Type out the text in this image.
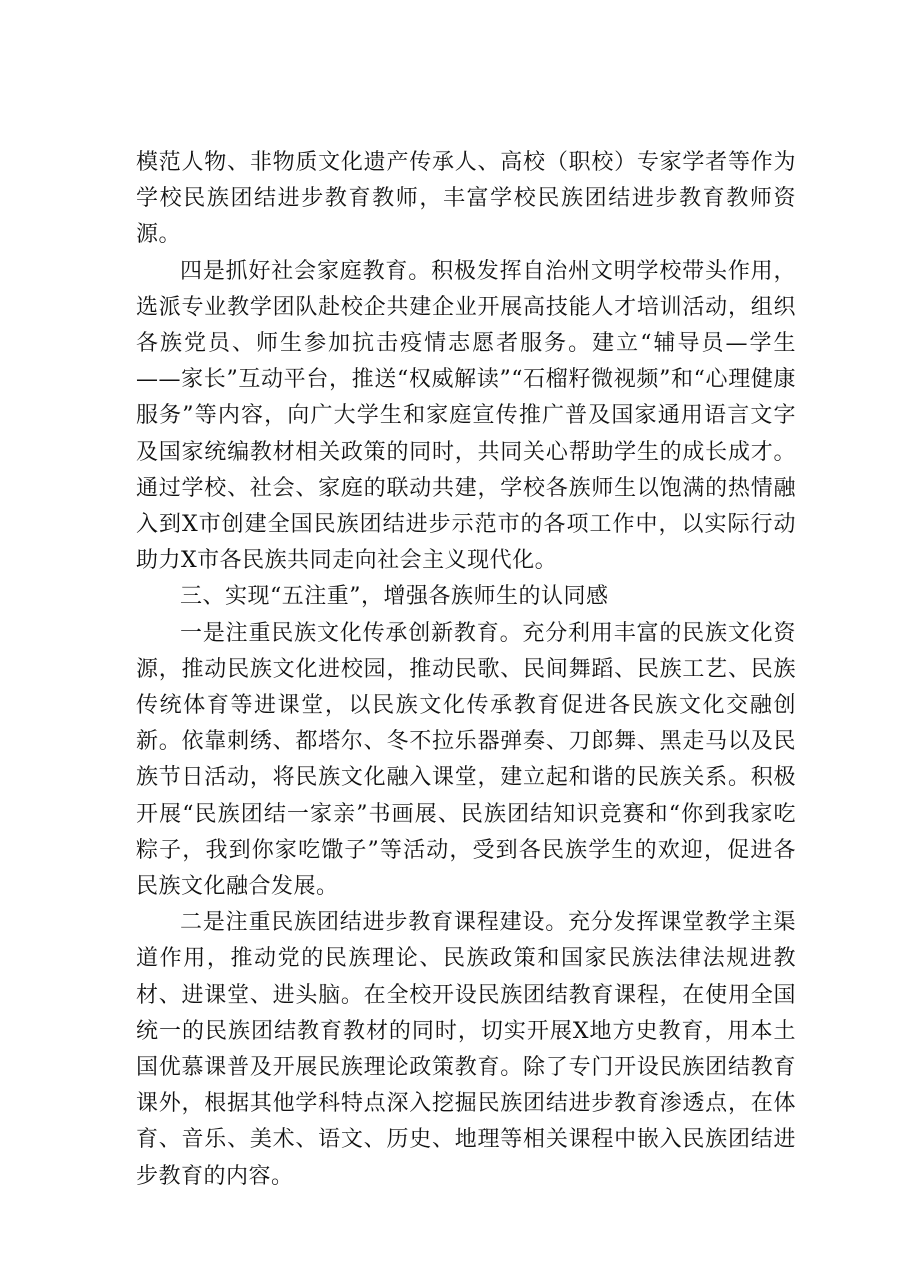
模范人物、非物质文化遗产传承人、高校（职校）专家学者等作为学校民族团结进步教育教师，丰富学校民族团结进步教育教师资源。

四是抓好社会家庭教育。积极发挥自治州文明学校带头作用，选派专业教学团队赴校企共建企业开展高技能人才培训活动，组织各族党员、师生参加抗击疫情志愿者服务。建立“辅导员—学生——家长”互动平台，推送“权威解读”“石榴籽微视频”和“心理健康服务”等内容，向广大学生和家庭宣传推广普及国家通用语言文字及国家统编教材相关政策的同时，共同关心帮助学生的成长成才。通过学校、社会、家庭的联动共建，学校各族师生以饱满的热情融入到X市创建全国民族团结进步示范市的各项工作中，以实际行动助力X市各民族共同走向社会主义现代化。

三、实现“五注重”，增强各族师生的认同感

一是注重民族文化传承创新教育。充分利用丰富的民族文化资源，推动民族文化进校园，推动民歌、民间舞蹈、民族工艺、民族传统体育等进课堂，以民族文化传承教育促进各民族文化交融创新。依靠刺绣、都塔尔、冬不拉乐器弹奏、刀郎舞、黑走马以及民族节日活动，将民族文化融入课堂，建立起和谐的民族关系。积极开展“民族团结一家亲”书画展、民族团结知识竞赛和“你到我家吃粽子，我到你家吃馓子”等活动，受到各民族学生的欢迎，促进各民族文化融合发展。

二是注重民族团结进步教育课程建设。充分发挥课堂教学主渠道作用，推动党的民族理论、民族政策和国家民族法律法规进教材、进课堂、进头脑。在全校开设民族团结教育课程，在使用全国统一的民族团结教育教材的同时，切实开展X地方史教育，用本土国优慕课普及开展民族理论政策教育。除了专门开设民族团结教育课外，根据其他学科特点深入挖掘民族团结进步教育渗透点，在体育、音乐、美术、语文、历史、地理等相关课程中嵌入民族团结进步教育的内容。
